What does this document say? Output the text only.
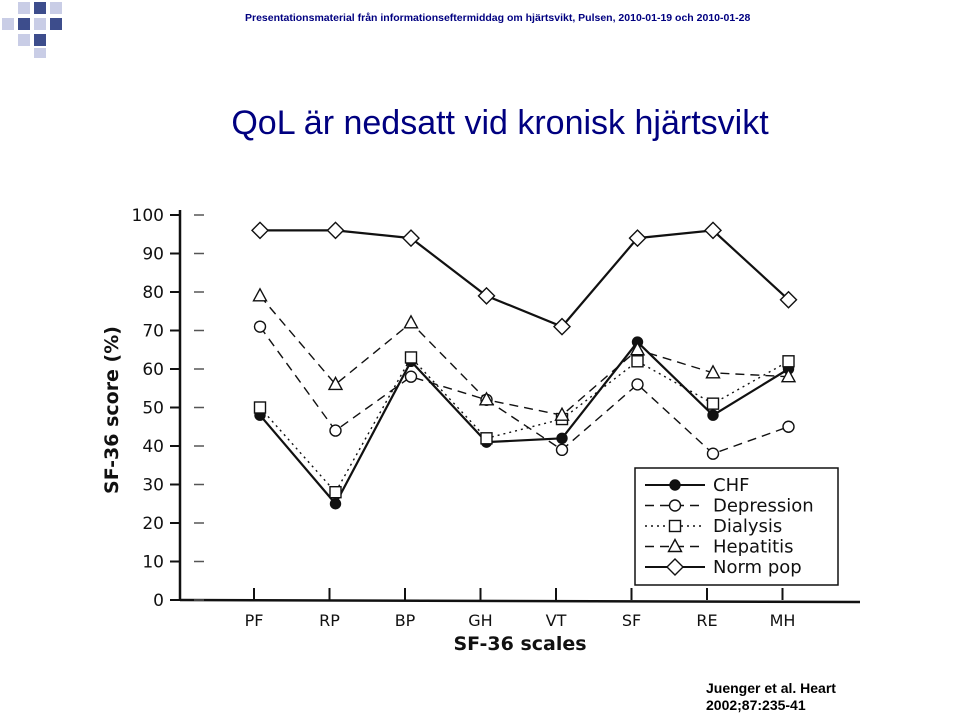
Presentationsmaterial från informationseftermiddag om hjärtsvikt, Pulsen, 2010-01-19 och 2010-01-28
QoL är nedsatt vid kronisk hjärtsvikt
0
10
20
30
40
50
60
70
80
90
100
PF	RP	BP	GH	VT	SF	RE	MH
SF-36 score (%)
SF-36 scales
CHF
Depression
Dialysis
Hepatitis
Norm pop
Juenger et al. Heart
2002;87:235-41
